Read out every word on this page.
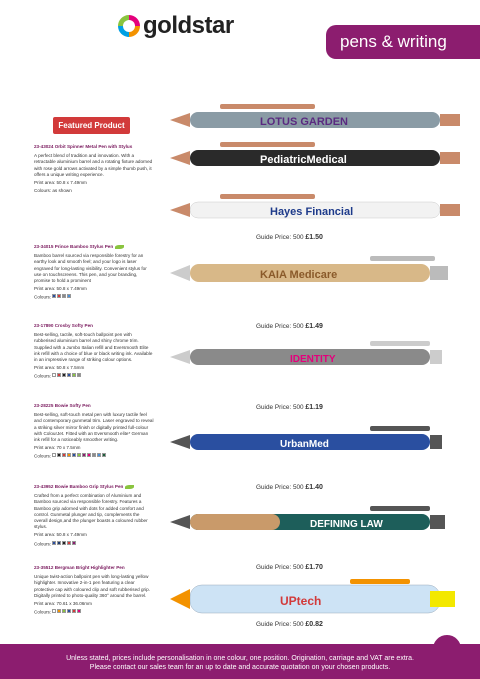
goldstar
pens & writing
Featured Product
23-43024 Orbit Spinner Metal Pen with Stylus
A perfect blend of tradition and innovation. With a retractable aluminium barrel and a rotating fixture adorned with rose gold arrows activated by a simple thumb push, it offers a unique writing experience.
Print area: 50.8 x 7.49mm
Colours: as shown
Guide Price: 500 £1.50
23-34015 Prince Bamboo Stylus Pen
Bamboo barrel sourced via responsible forestry for an earthy look and smooth feel; and your logo is laser engraved for long-lasting visibility. Convenient stylus for use on touchscreens. This pen, and your branding, promise to hold a prominent
Print area: 50.8 x 7.49mm
Colours:
Guide Price: 500 £1.49
23-17890 Crosby Softy Pen
Best-selling, tactile, soft-touch ballpoint pen with rubberised aluminium barrel and shiny chrome trim. Supplied with a Jumbo Italian refill and Eversmooth Elite ink refill with a choice of blue or black writing ink. Available in an impressive range of striking colour options.
Print area: 50.8 x 7.5mm
Colours:
Guide Price: 500 £1.19
23-28225 Bowie Softy Pen
Best-selling, soft-touch metal pen with luxury tactile feel and contemporary gunmetal trim. Laser engraved to reveal a striking silver mirror finish or digitally printed full-colour with ColourJet. Fitted with an Eversmooth elite* German ink refill for a noticeably smoother writing.
Print area: 70 x 7.5mm
Colours:
Guide Price: 500 £1.40
23-43952 Bowie Bamboo Grip Stylus Pen
Crafted from a perfect combination of Aluminium and Bamboo sourced via responsible forestry. Features a Bamboo grip adorned with dots for added comfort and control. Gunmetal plunger and tip, complements the overall design,and the plunger boasts a coloured rubber stylus.
Print area: 50.8 x 7.49mm
Colours:
Guide Price: 500 £1.70
23-35512 Bergman Bright Highlighter Pen
Unique twist-action ballpoint pen with long-lasting yellow highlighter. Innovative 2-in-1 pen featuring a clear protective cap with coloured clip and soft rubberised grip. Digitally printed to photo-quality 360° around the barrel.
Print area: 70.61 x 36.06mm
Colours:
Guide Price: 500 £0.82
LOTUS GARDEN
PediatricMedical
Hayes Financial
KAIA Medicare
IDENTITY
UrbanMed
DEFINING LAW
UPtech
Unless stated, prices include personalisation in one colour, one position. Origination, carriage and VAT are extra.
Please contact our sales team for an up to date and accurate quotation on your chosen products.
